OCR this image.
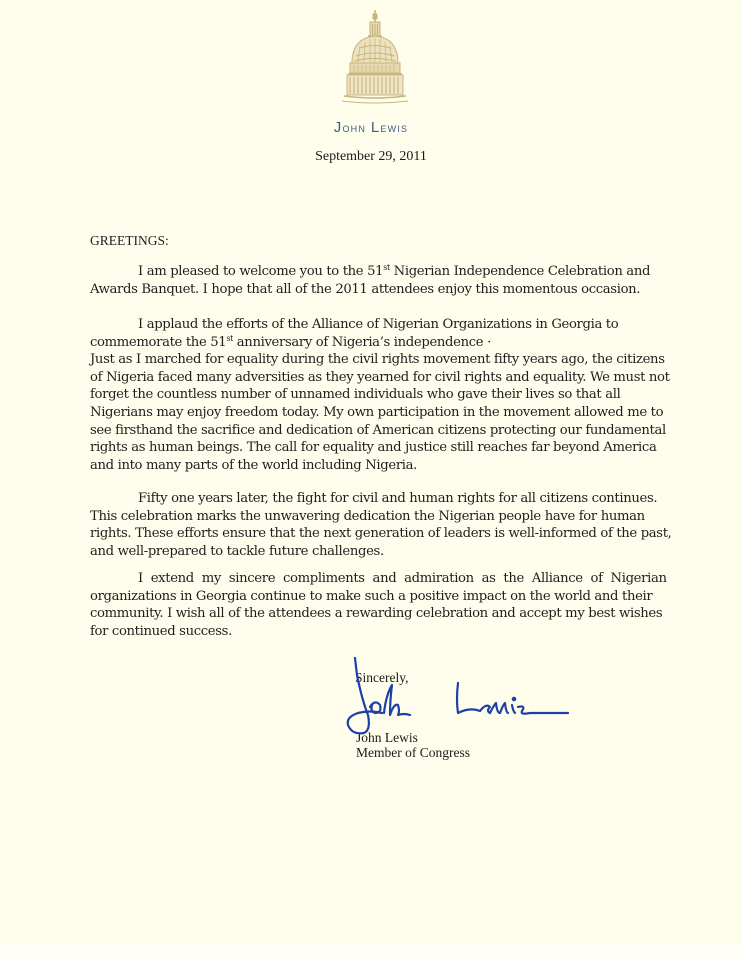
John Lewis
September 29, 2011
GREETINGS:
I am pleased to welcome you to the 51st Nigerian Independence Celebration and
Awards Banquet. I hope that all of the 2011 attendees enjoy this momentous occasion.
I applaud the efforts of the Alliance of Nigerian Organizations in Georgia to
commemorate the 51st anniversary of Nigeria’s independence ·
Just as I marched for equality during the civil rights movement fifty years ago, the citizens
of Nigeria faced many adversities as they yearned for civil rights and equality. We must not
forget the countless number of unnamed individuals who gave their lives so that all
Nigerians may enjoy freedom today. My own participation in the movement allowed me to
see firsthand the sacrifice and dedication of American citizens protecting our fundamental
rights as human beings. The call for equality and justice still reaches far beyond America
and into many parts of the world including Nigeria.
Fifty one years later, the fight for civil and human rights for all citizens continues.
This celebration marks the unwavering dedication the Nigerian people have for human
rights. These efforts ensure that the next generation of leaders is well-informed of the past,
and well-prepared to tackle future challenges.
I extend my sincere compliments and admiration as the Alliance of Nigerian
organizations in Georgia continue to make such a positive impact on the world and their
community. I wish all of the attendees a rewarding celebration and accept my best wishes
for continued success.
Sincerely,
John Lewis
Member of Congress
